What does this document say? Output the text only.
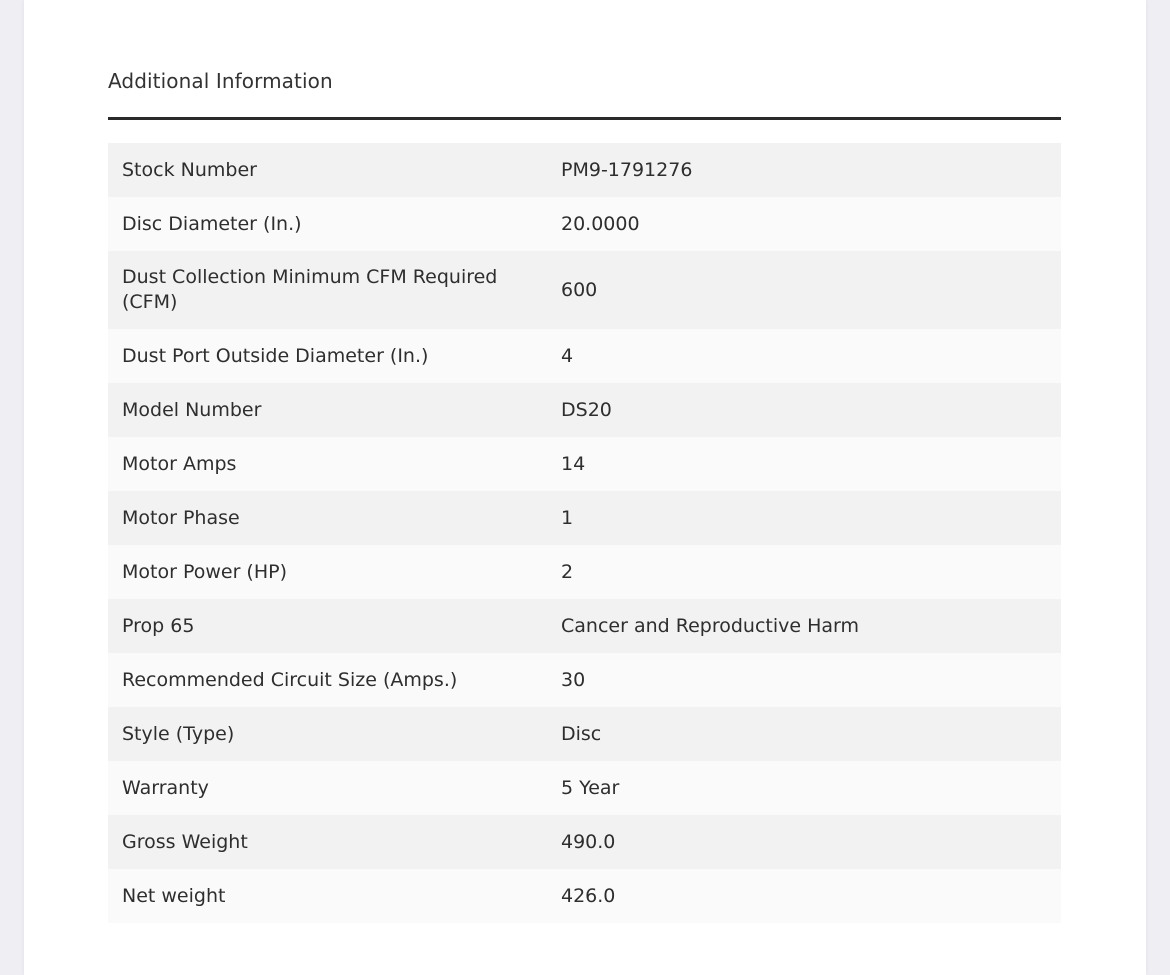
Additional Information
Stock Number	PM9-1791276
Disc Diameter (In.)	20.0000
Dust Collection Minimum CFM Required (CFM)	600
Dust Port Outside Diameter (In.)	4
Model Number	DS20
Motor Amps	14
Motor Phase	1
Motor Power (HP)	2
Prop 65	Cancer and Reproductive Harm
Recommended Circuit Size (Amps.)	30
Style (Type)	Disc
Warranty	5 Year
Gross Weight	490.0
Net weight	426.0
